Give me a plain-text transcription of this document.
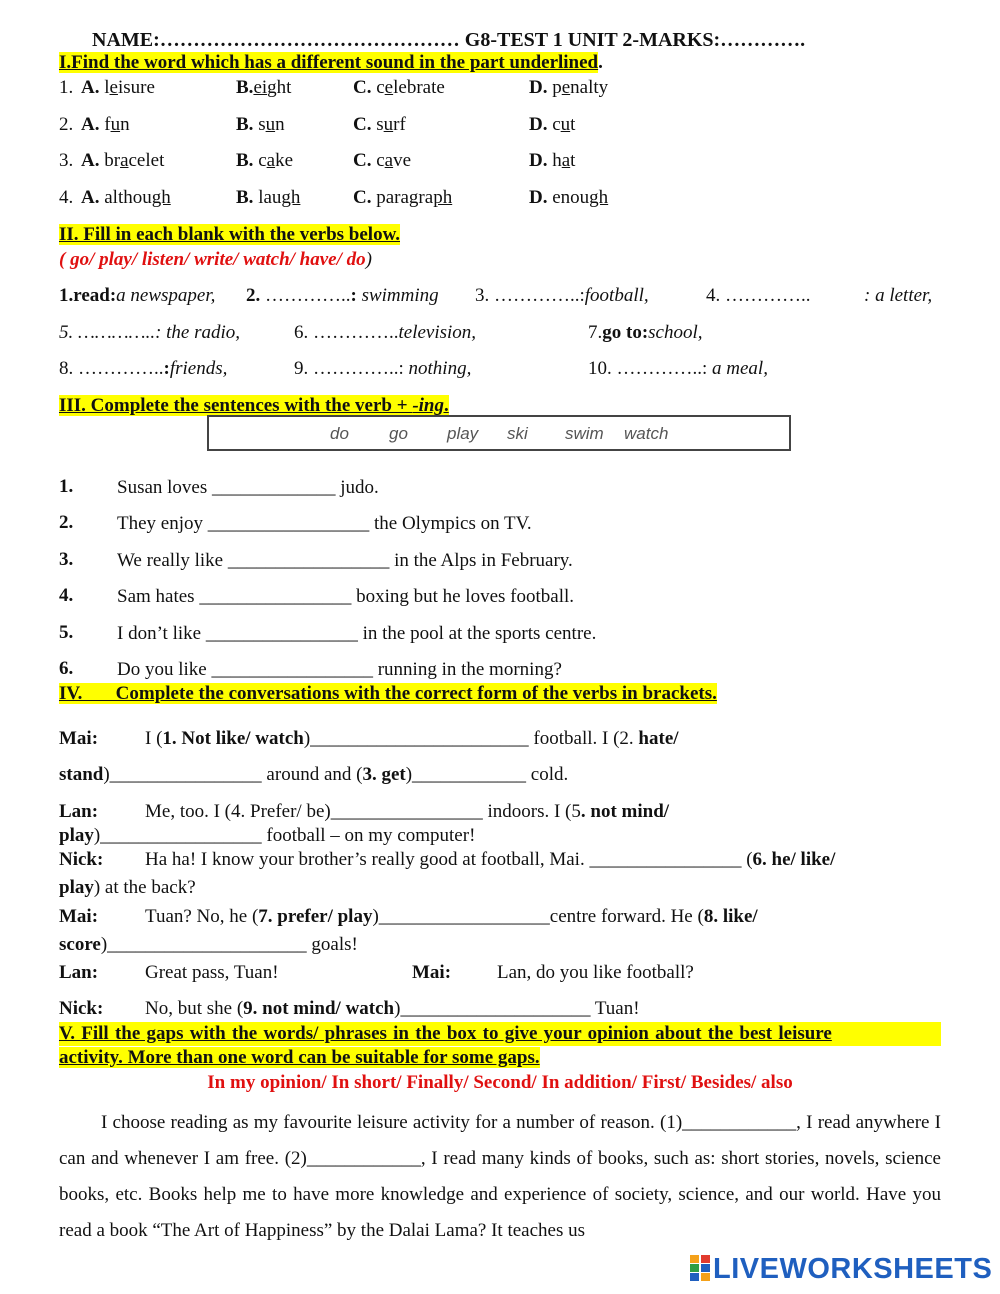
NAME:……………………………………… G8-TEST 1 UNIT 2-MARKS:………….
I.Find the word which has a different sound in the part underlined.
1. A. leisure	B.eight	C. celebrate	D. penalty
2. A. fun	B. sun	C. surf	D. cut
3. A. bracelet	B. cake	C. cave	D. hat
4. A. although	B. laugh	C. paragraph	D. enough
II. Fill in each blank with the verbs below.
( go/ play/ listen/ write/ watch/ have/ do)
1.read:a newspaper, 2. …………..: swimming 3. …………..:football,	4. …………..	: a letter,
5. …………..: the radio,	6. …………..television,	7.go to:school,
8. …………..:friends,	9. …………..: nothing,	10. …………..: a meal,
III. Complete the sentences with the verb + -ing.
do go play ski swim watch
1. Susan loves _____________ judo.
2. They enjoy _________________ the Olympics on TV.
3. We really like _________________ in the Alps in February.
4. Sam hates ________________ boxing but he loves football.
5. I don’t like ________________ in the pool at the sports centre.
6. Do you like _________________ running in the morning?
IV.       Complete the conversations with the correct form of the verbs in brackets.
Mai: I (1. Not like/ watch)_______________________ football. I (2. hate/
stand)________________ around and (3. get)____________ cold.
Lan: Me, too. I (4. Prefer/ be)________________ indoors. I (5. not mind/
play)_________________ football – on my computer!
Nick: Ha ha! I know your brother’s really good at football, Mai. ________________ (6. he/ like/
play) at the back?
Mai: Tuan? No, he (7. prefer/ play)__________________centre forward. He (8. like/
score)_____________________ goals!
Lan: Great pass, Tuan!	Mai: Lan, do you like football?
Nick: No, but she (9. not mind/ watch)____________________ Tuan!
V. Fill the gaps with the words/ phrases in the box to give your opinion about the best leisure
activity. More than one word can be suitable for some gaps.
In my opinion/ In short/ Finally/ Second/ In addition/ First/ Besides/ also
I choose reading as my favourite leisure activity for a number of reason. (1)____________, I read anywhere I can and whenever I am free. (2)____________, I read many kinds of books, such as: short stories, novels, science books, etc. Books help me to have more knowledge and experience of society, science, and our world. Have you read a book “The Art of Happiness” by the Dalai Lama? It teaches us
LIVEWORKSHEETS
